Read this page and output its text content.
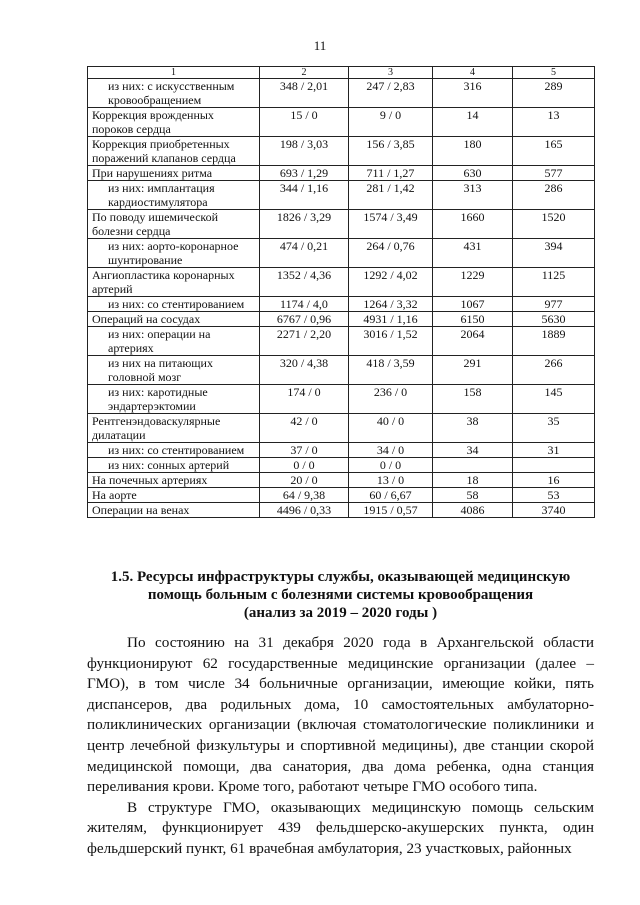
11
1	2	3	4	5
из них: с искусственным кровообращением	348 / 2,01	247 / 2,83	316	289
Коррекция врожденных пороков сердца	15 / 0	9 / 0	14	13
Коррекция приобретенных поражений клапанов сердца	198 / 3,03	156 / 3,85	180	165
При нарушениях ритма	693 / 1,29	711 / 1,27	630	577
из них: имплантация кардиостимулятора	344 / 1,16	281 / 1,42	313	286
По поводу ишемической болезни сердца	1826 / 3,29	1574 / 3,49	1660	1520
из них: аорто-коронарное шунтирование	474 / 0,21	264 / 0,76	431	394
Ангиопластика коронарных артерий	1352 / 4,36	1292 / 4,02	1229	1125
из них: со стентированием	1174 / 4,0	1264 / 3,32	1067	977
Операций на сосудах	6767 / 0,96	4931 / 1,16	6150	5630
из них: операции на артериях	2271 / 2,20	3016 / 1,52	2064	1889
из них на питающих головной мозг	320 / 4,38	418 / 3,59	291	266
из них: каротидные эндартерэктомии	174 / 0	236 / 0	158	145
Рентгенэндоваскулярные дилатации	42 / 0	40 / 0	38	35
из них: со стентированием	37 / 0	34 / 0	34	31
из них: сонных артерий	0 / 0	0 / 0		
На почечных артериях	20 / 0	13 / 0	18	16
На аорте	64 / 9,38	60 / 6,67	58	53
Операции на венах	4496 / 0,33	1915 / 0,57	4086	3740
1.5. Ресурсы инфраструктуры службы, оказывающей медицинскую
помощь больным с болезнями системы кровообращения
(анализ за 2019 – 2020 годы )

По состоянию на 31 декабря 2020 года в Архангельской области функционируют 62 государственные медицинские организации (далее – ГМО), в том числе 34 больничные организации, имеющие койки, пять диспансеров, два родильных дома, 10 самостоятельных амбулаторно-поликлинических организации (включая стоматологические поликлиники и центр лечебной физкультуры и спортивной медицины), две станции скорой медицинской помощи, два санатория, два дома ребенка, одна станция переливания крови. Кроме того, работают четыре ГМО особого типа.

В структуре ГМО, оказывающих медицинскую помощь сельским жителям, функционирует 439 фельдшерско-акушерских пункта, один фельдшерский пункт, 61 врачебная амбулатория, 23 участковых, районных
